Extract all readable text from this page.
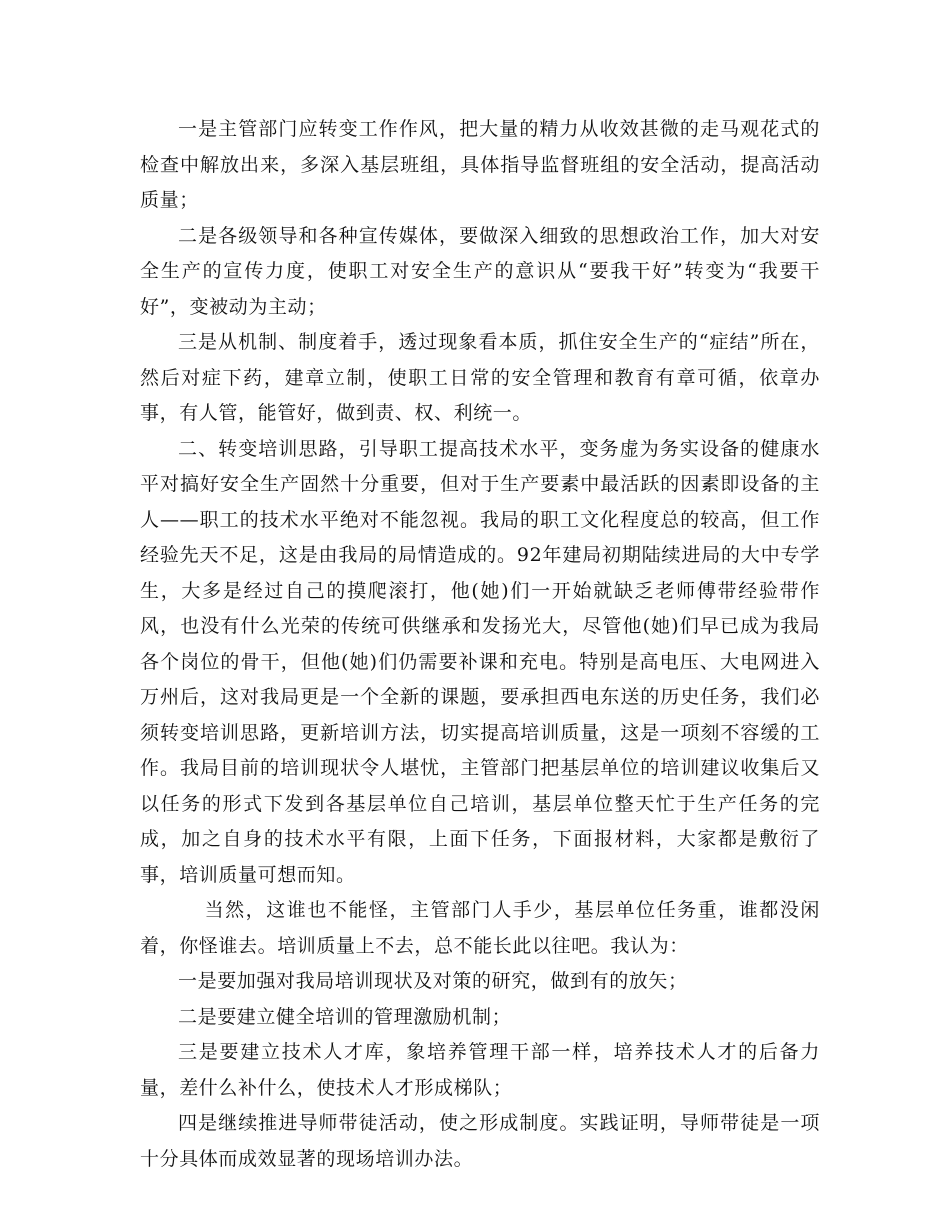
一是主管部门应转变工作作风，把大量的精力从收效甚微的走马观花式的检查中解放出来，多深入基层班组，具体指导监督班组的安全活动，提高活动质量；

二是各级领导和各种宣传媒体，要做深入细致的思想政治工作，加大对安全生产的宣传力度，使职工对安全生产的意识从“要我干好”转变为“我要干好”，变被动为主动；

三是从机制、制度着手，透过现象看本质，抓住安全生产的“症结”所在，然后对症下药，建章立制，使职工日常的安全管理和教育有章可循，依章办事，有人管，能管好，做到责、权、利统一。

二、转变培训思路，引导职工提高技术水平，变务虚为务实设备的健康水平对搞好安全生产固然十分重要，但对于生产要素中最活跃的因素即设备的主人——职工的技术水平绝对不能忽视。我局的职工文化程度总的较高，但工作经验先天不足，这是由我局的局情造成的。92年建局初期陆续进局的大中专学生，大多是经过自己的摸爬滚打，他(她)们一开始就缺乏老师傅带经验带作风，也没有什么光荣的传统可供继承和发扬光大，尽管他(她)们早已成为我局各个岗位的骨干，但他(她)们仍需要补课和充电。特别是高电压、大电网进入万州后，这对我局更是一个全新的课题，要承担西电东送的历史任务，我们必须转变培训思路，更新培训方法，切实提高培训质量，这是一项刻不容缓的工作。我局目前的培训现状令人堪忧，主管部门把基层单位的培训建议收集后又以任务的形式下发到各基层单位自己培训，基层单位整天忙于生产任务的完成，加之自身的技术水平有限，上面下任务，下面报材料，大家都是敷衍了事，培训质量可想而知。

当然，这谁也不能怪，主管部门人手少，基层单位任务重，谁都没闲着，你怪谁去。培训质量上不去，总不能长此以往吧。我认为：

一是要加强对我局培训现状及对策的研究，做到有的放矢；

二是要建立健全培训的管理激励机制；

三是要建立技术人才库，象培养管理干部一样，培养技术人才的后备力量，差什么补什么，使技术人才形成梯队；

四是继续推进导师带徒活动，使之形成制度。实践证明，导师带徒是一项十分具体而成效显著的现场培训办法。
